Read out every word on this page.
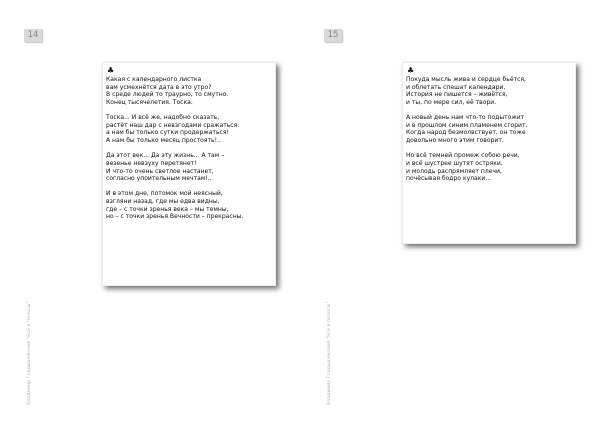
14
♣
Какая с календарного листка
вам усмехнётся дата в это утро?
В среде людей то траурно, то смутно.
Конец тысячелетия. Тоска.
Тоска... И всё же, надобно сказать,
растёт наш дар с невзгодами сражаться:
а нам бы только сутки продержаться!
А нам бы только месяц простоять!..
Да этот век... Да эту жизнь... А там –
везенье невзуху перетянет!
И что-то очень светлое настанет,
согласно упоительным мечтам!..
И в этом дне, потомок мой неясный,
взгляни назад, где мы едва видны,
где – с точки зренья века – мы темны,
но – с точки зренья Вечности – прекрасны.
Владимир Гладышевский "Всё и полосы"
15
♣
Покуда мысль жива и сердце бьётся,
и облетать спешат календари,
История не пишется – живётся,
и ты, по мере сил, её твори.
А новый день нам что-то подытожит
и в прошлом синим пламенем сгорит.
Когда народ безмолвствует, он тоже
довольно много этим говорит.
Но всё темней промеж собою речи,
и всё шустрее шутят остряки,
и молодь распрямляет плечи,
почёсывая бодро кулаки...
Владимир Гладышевский "Всё и полосы"
